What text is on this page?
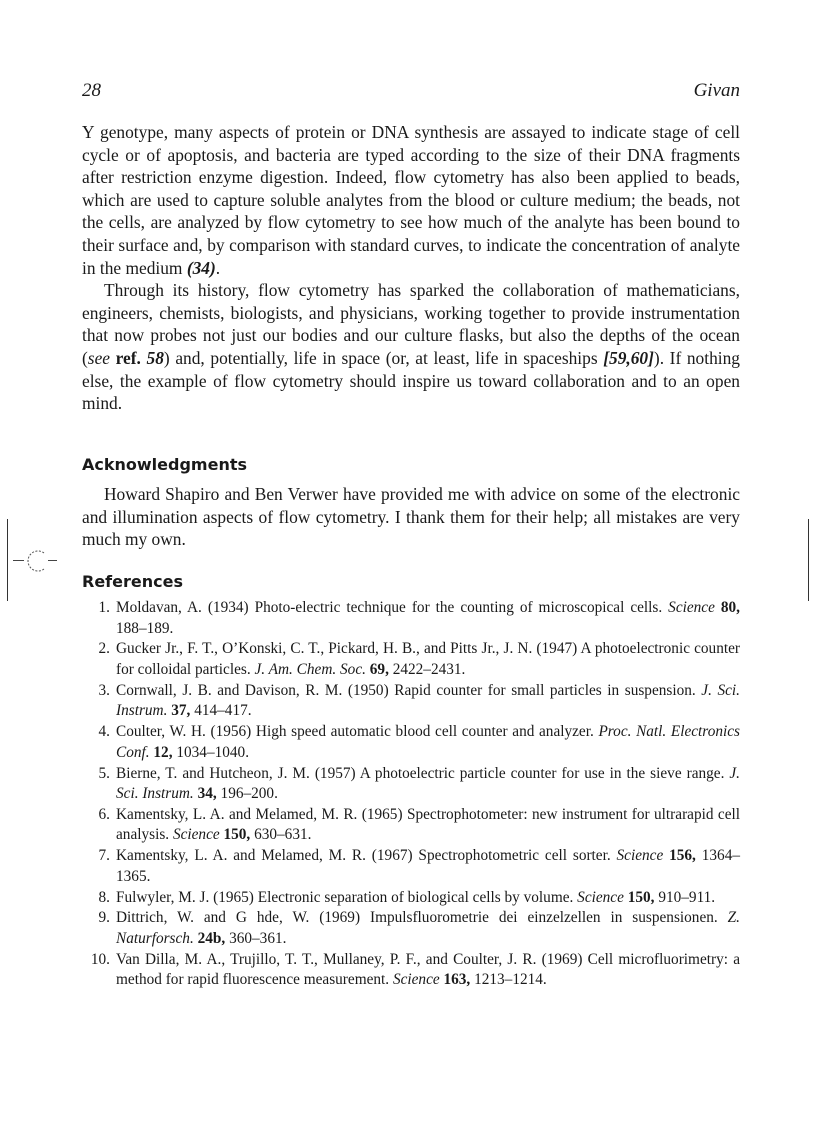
28	Givan

Y genotype, many aspects of protein or DNA synthesis are assayed to indicate stage of cell cycle or of apoptosis, and bacteria are typed according to the size of their DNA fragments after restriction enzyme digestion. Indeed, flow cytometry has also been applied to beads, which are used to capture soluble analytes from the blood or culture medium; the beads, not the cells, are analyzed by flow cytometry to see how much of the analyte has been bound to their surface and, by comparison with standard curves, to indicate the concentration of analyte in the medium (34).

Through its history, flow cytometry has sparked the collaboration of mathematicians, engineers, chemists, biologists, and physicians, working together to provide instrumentation that now probes not just our bodies and our culture flasks, but also the depths of the ocean (see ref. 58) and, potentially, life in space (or, at least, life in spaceships [59,60]). If nothing else, the example of flow cytometry should inspire us toward collaboration and to an open mind.

Acknowledgments

Howard Shapiro and Ben Verwer have provided me with advice on some of the electronic and illumination aspects of flow cytometry. I thank them for their help; all mistakes are very much my own.

References
1. Moldavan, A. (1934) Photo-electric technique for the counting of microscopical cells. Science 80, 188–189.
2. Gucker Jr., F. T., O’Konski, C. T., Pickard, H. B., and Pitts Jr., J. N. (1947) A photoelectronic counter for colloidal particles. J. Am. Chem. Soc. 69, 2422–2431.
3. Cornwall, J. B. and Davison, R. M. (1950) Rapid counter for small particles in suspension. J. Sci. Instrum. 37, 414–417.
4. Coulter, W. H. (1956) High speed automatic blood cell counter and analyzer. Proc. Natl. Electronics Conf. 12, 1034–1040.
5. Bierne, T. and Hutcheon, J. M. (1957) A photoelectric particle counter for use in the sieve range. J. Sci. Instrum. 34, 196–200.
6. Kamentsky, L. A. and Melamed, M. R. (1965) Spectrophotometer: new instrument for ultrarapid cell analysis. Science 150, 630–631.
7. Kamentsky, L. A. and Melamed, M. R. (1967) Spectrophotometric cell sorter. Science 156, 1364–1365.
8. Fulwyler, M. J. (1965) Electronic separation of biological cells by volume. Science 150, 910–911.
9. Dittrich, W. and G hde, W. (1969) Impulsfluorometrie dei einzelzellen in suspensionen. Z. Naturforsch. 24b, 360–361.
10. Van Dilla, M. A., Trujillo, T. T., Mullaney, P. F., and Coulter, J. R. (1969) Cell microfluorimetry: a method for rapid fluorescence measurement. Science 163, 1213–1214.
